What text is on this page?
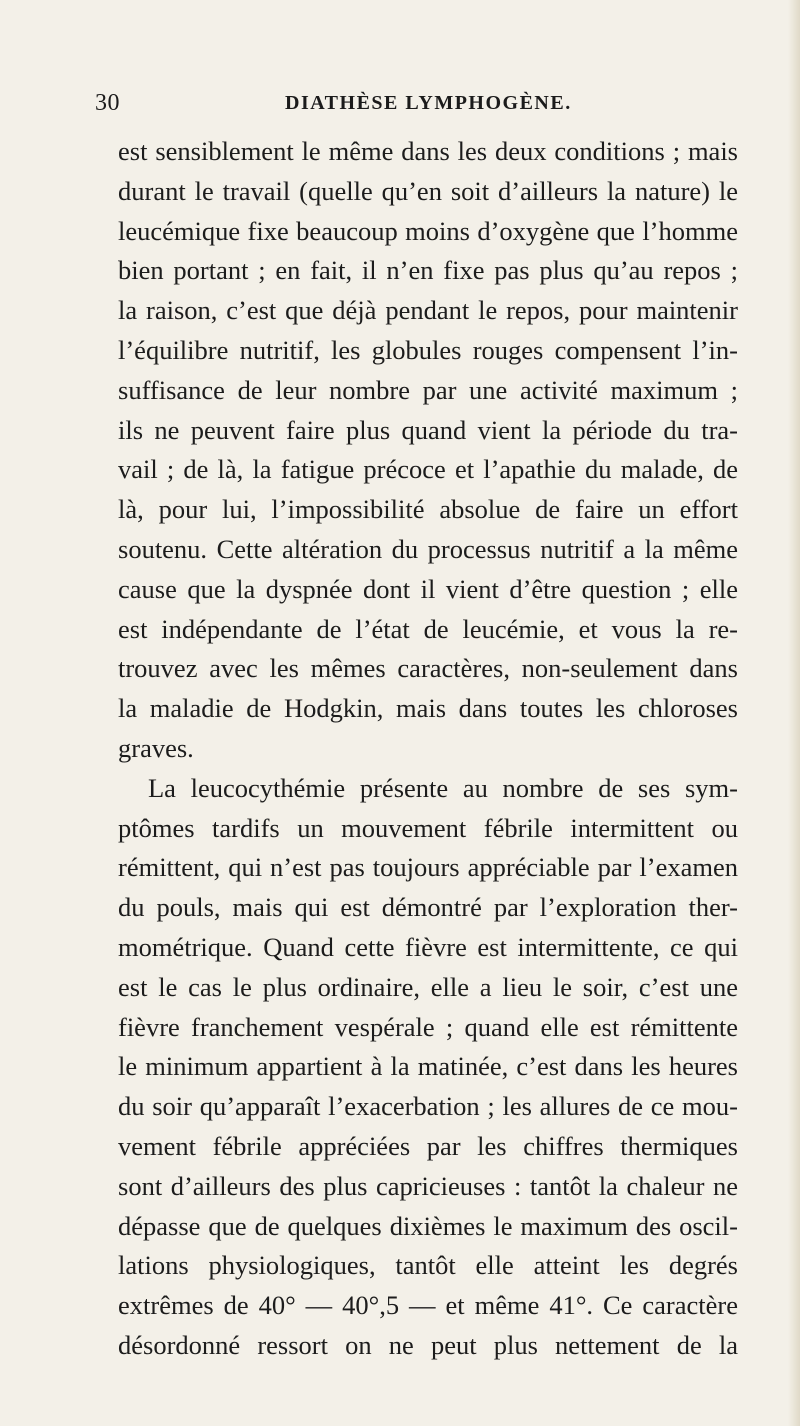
30	DIATHÈSE LYMPHOGÈNE.
est sensiblement le même dans les deux conditions ; mais
durant le travail (quelle qu’en soit d’ailleurs la nature) le
leucémique fixe beaucoup moins d’oxygène que l’homme
bien portant ; en fait, il n’en fixe pas plus qu’au repos ;
la raison, c’est que déjà pendant le repos, pour maintenir
l’équilibre nutritif, les globules rouges compensent l’in-
suffisance de leur nombre par une activité maximum ;
ils ne peuvent faire plus quand vient la période du tra-
vail ; de là, la fatigue précoce et l’apathie du malade, de
là, pour lui, l’impossibilité absolue de faire un effort
soutenu. Cette altération du processus nutritif a la même
cause que la dyspnée dont il vient d’être question ; elle
est indépendante de l’état de leucémie, et vous la re-
trouvez avec les mêmes caractères, non-seulement dans
la maladie de Hodgkin, mais dans toutes les chloroses
graves.
La leucocythémie présente au nombre de ses sym-
ptômes tardifs un mouvement fébrile intermittent ou
rémittent, qui n’est pas toujours appréciable par l’examen
du pouls, mais qui est démontré par l’exploration ther-
mométrique. Quand cette fièvre est intermittente, ce qui
est le cas le plus ordinaire, elle a lieu le soir, c’est une
fièvre franchement vespérale ; quand elle est rémittente
le minimum appartient à la matinée, c’est dans les heures
du soir qu’apparaît l’exacerbation ; les allures de ce mou-
vement fébrile appréciées par les chiffres thermiques
sont d’ailleurs des plus capricieuses : tantôt la chaleur ne
dépasse que de quelques dixièmes le maximum des oscil-
lations physiologiques, tantôt elle atteint les degrés
extrêmes de 40° — 40°,5 — et même 41°. Ce caractère
désordonné ressort on ne peut plus nettement de la
